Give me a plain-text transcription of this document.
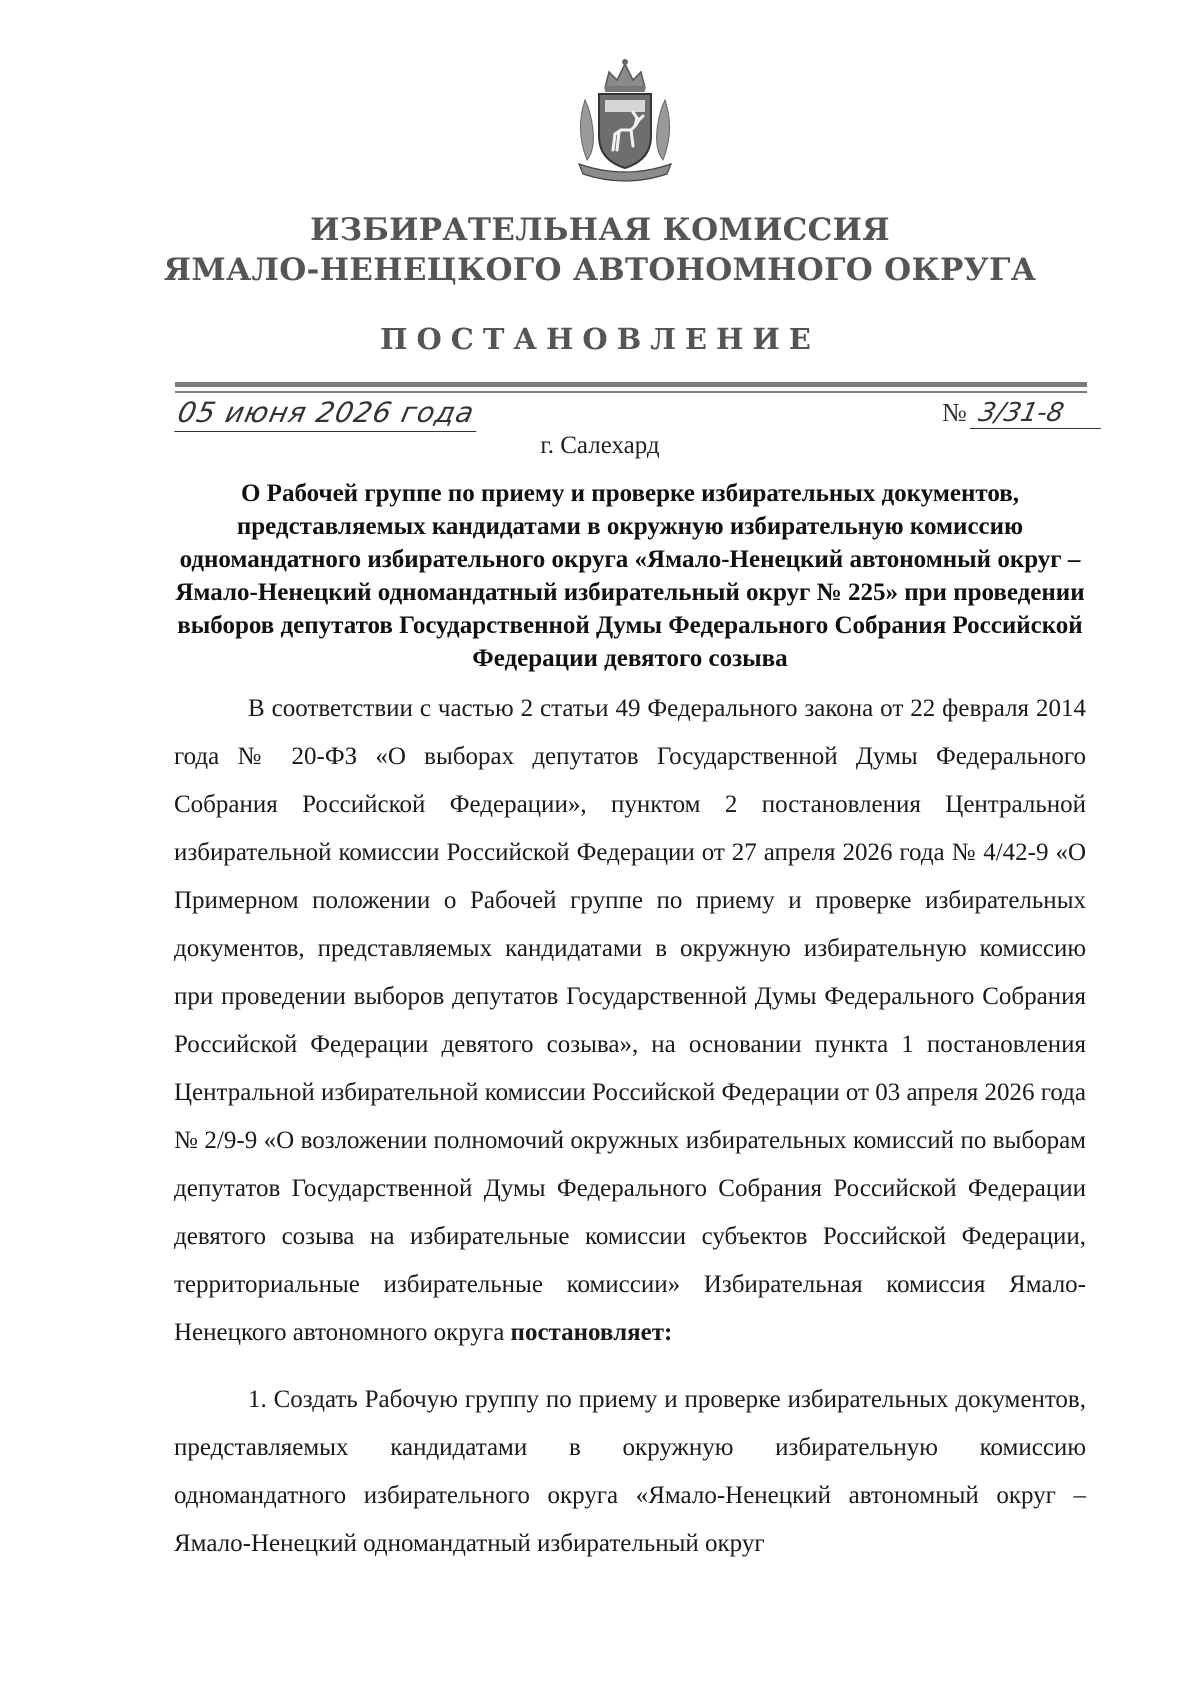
ИЗБИРАТЕЛЬНАЯ КОМИССИЯ
ЯМАЛО-НЕНЕЦКОГО АВТОНОМНОГО ОКРУГА
ПОСТАНОВЛЕНИЕ
05 июня 2026 года	№ 3/31-8
г. Салехард
О Рабочей группе по приему и проверке избирательных документов, представляемых кандидатами в окружную избирательную комиссию одномандатного избирательного округа «Ямало-Ненецкий автономный округ – Ямало-Ненецкий одномандатный избирательный округ № 225» при проведении выборов депутатов Государственной Думы Федерального Собрания Российской Федерации девятого созыва

В соответствии с частью 2 статьи 49 Федерального закона от 22 февраля 2014 года № 20-ФЗ «О выборах депутатов Государственной Думы Федерального Собрания Российской Федерации», пунктом 2 постановления Центральной избирательной комиссии Российской Федерации от 27 апреля 2026 года № 4/42-9 «О Примерном положении о Рабочей группе по приему и проверке избирательных документов, представляемых кандидатами в окружную избирательную комиссию при проведении выборов депутатов Государственной Думы Федерального Собрания Российской Федерации девятого созыва», на основании пункта 1 постановления Центральной избирательной комиссии Российской Федерации от 03 апреля 2026 года № 2/9-9 «О возложении полномочий окружных избирательных комиссий по выборам депутатов Государственной Думы Федерального Собрания Российской Федерации девятого созыва на избирательные комиссии субъектов Российской Федерации, территориальные избирательные комиссии» Избирательная комиссия Ямало-Ненецкого автономного округа постановляет:

1. Создать Рабочую группу по приему и проверке избирательных документов, представляемых кандидатами в окружную избирательную комиссию одномандатного избирательного округа «Ямало-Ненецкий автономный округ – Ямало-Ненецкий одномандатный избирательный округ
